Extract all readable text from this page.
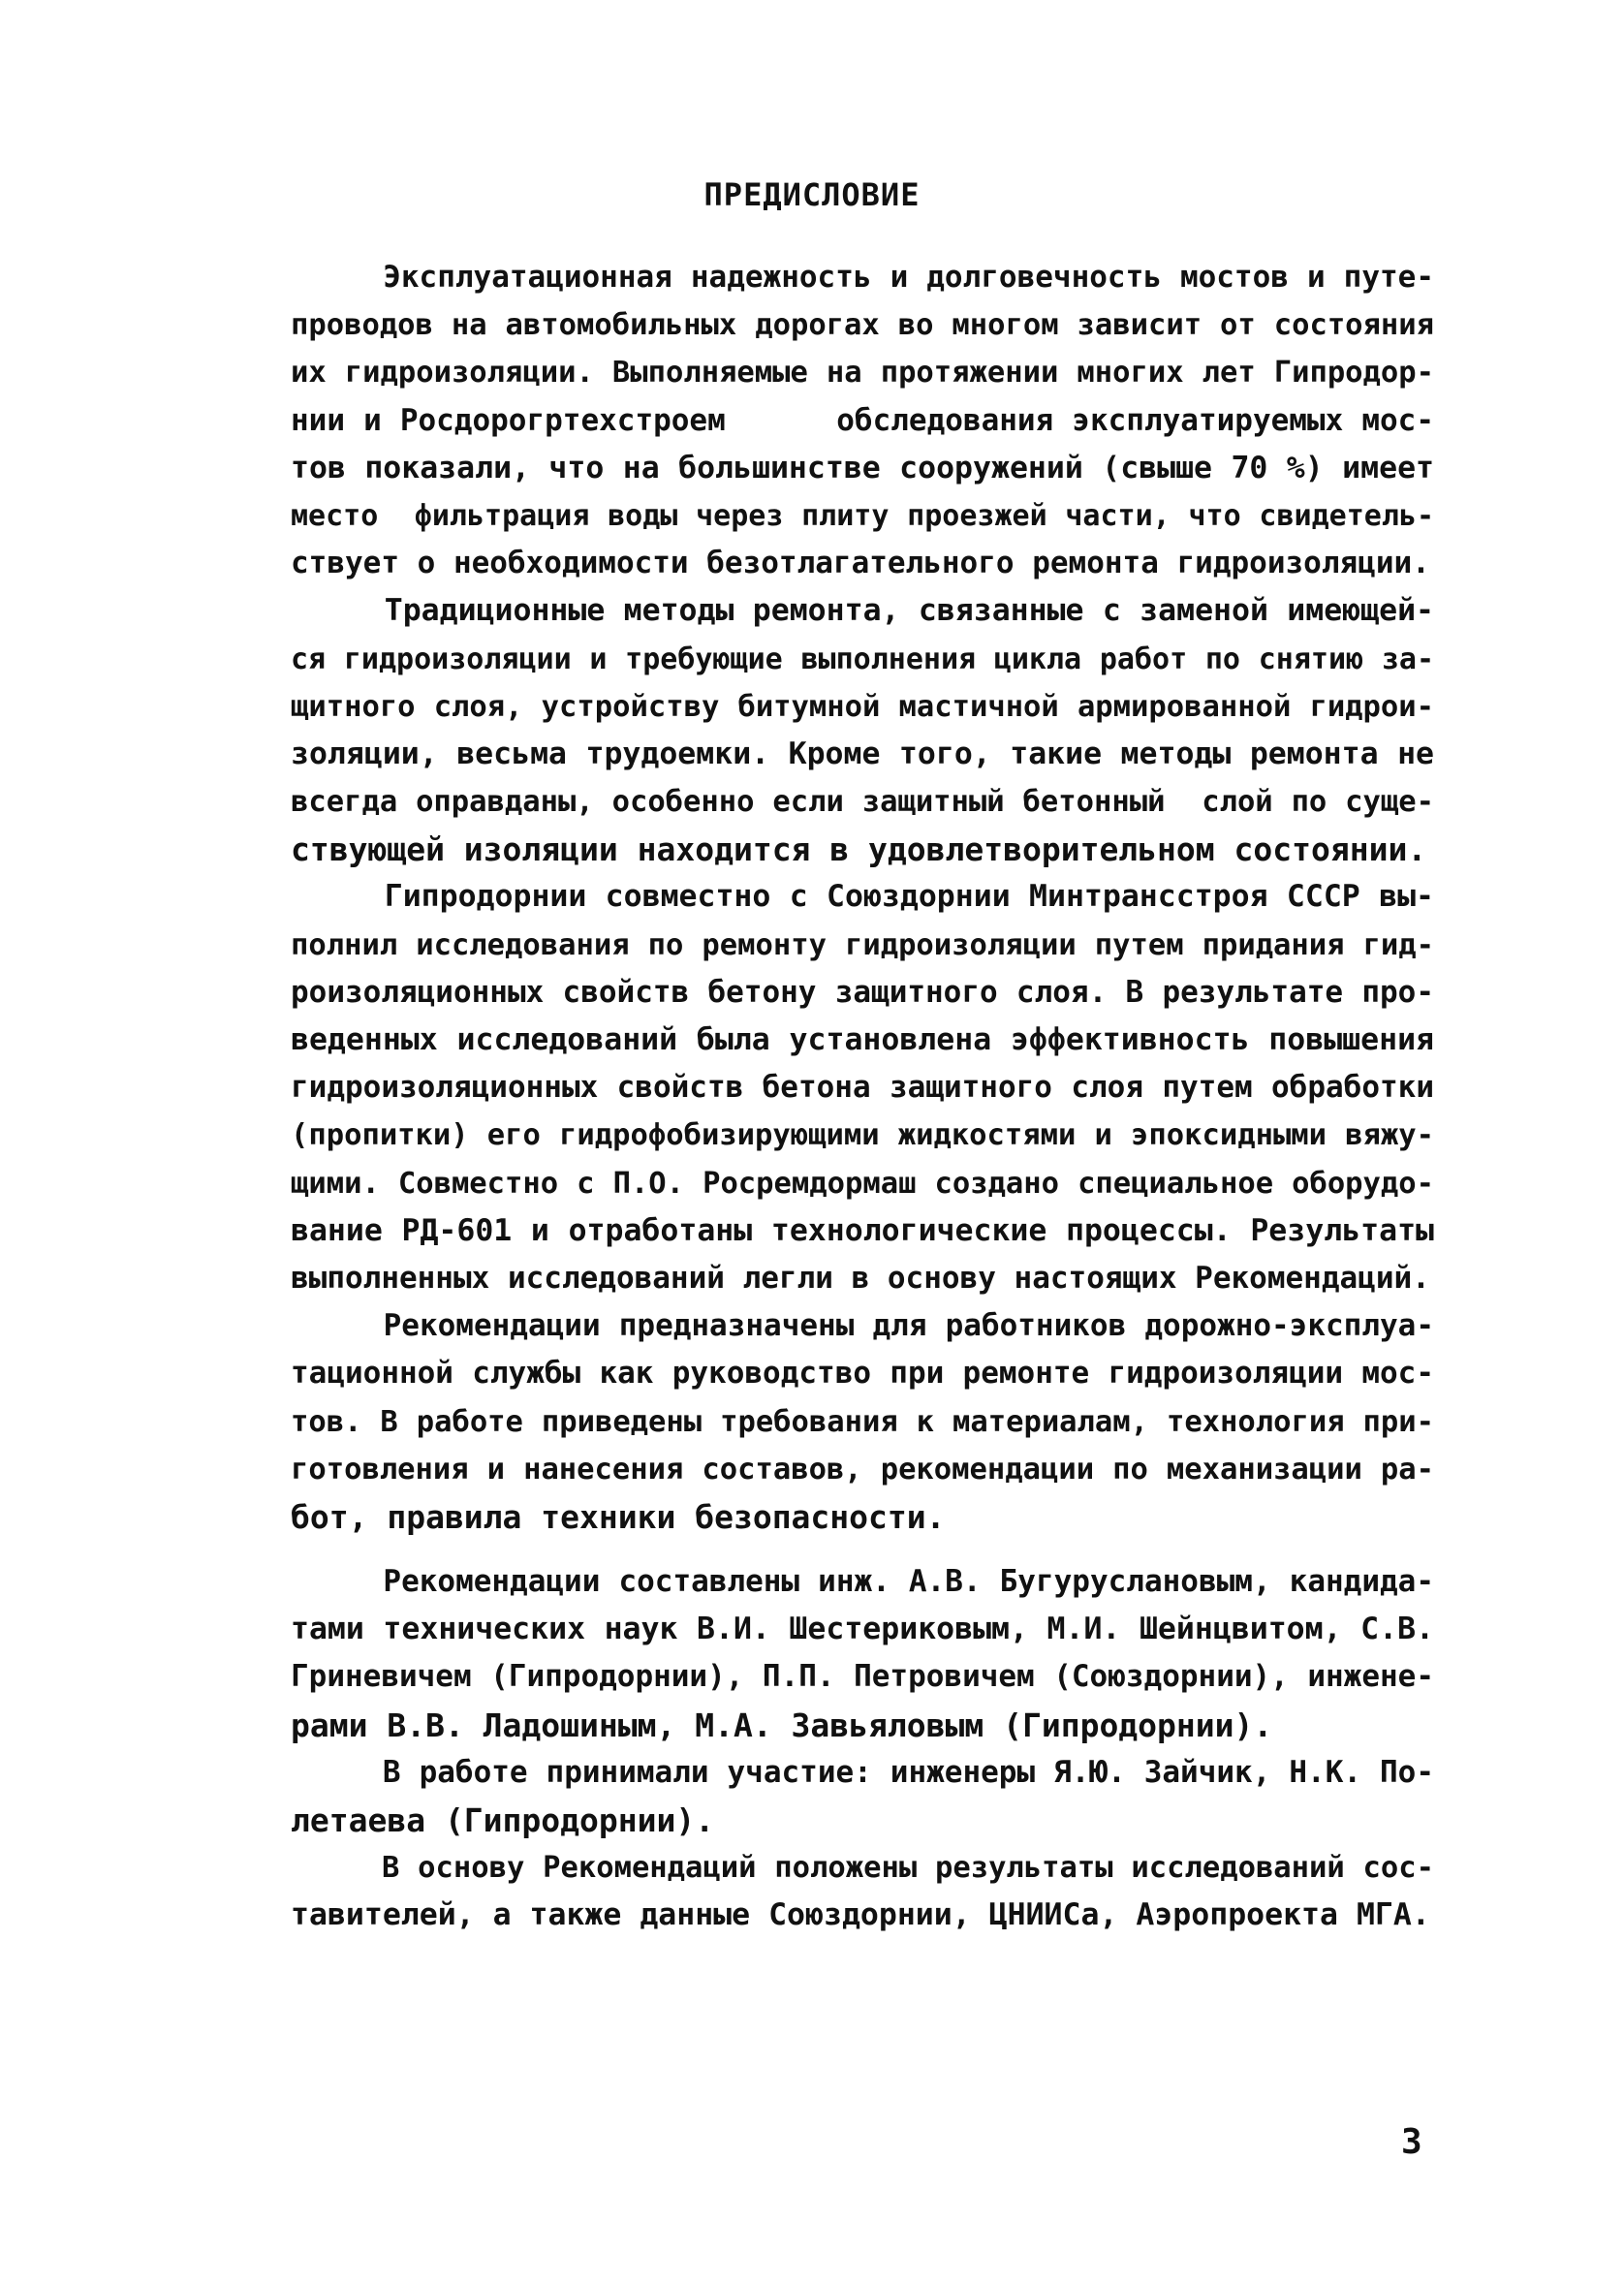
ПРЕДИСЛОВИЕ
Эксплуатационная надежность и долговечность мостов и путе-
проводов на автомобильных дорогах во многом зависит от состояния
их гидроизоляции. Выполняемые на протяжении многих лет Гипродор-
нии и Росдорогртехстроем      обследования эксплуатируемых мос-
тов показали, что на большинстве сооружений (свыше 70 %) имеет
место  фильтрация воды через плиту проезжей части, что свидетель-
ствует о необходимости безотлагательного ремонта гидроизоляции.
Традиционные методы ремонта, связанные с заменой имеющей-
ся гидроизоляции и требующие выполнения цикла работ по снятию за-
щитного слоя, устройству битумной мастичной армированной гидрои-
золяции, весьма трудоемки. Кроме того, такие методы ремонта не
всегда оправданы, особенно если защитный бетонный  слой по суще-
ствующей изоляции находится в удовлетворительном состоянии.
Гипродорнии совместно с Союздорнии Минтрансстроя СССР вы-
полнил исследования по ремонту гидроизоляции путем придания гид-
роизоляционных свойств бетону защитного слоя. В результате про-
веденных исследований была установлена эффективность повышения
гидроизоляционных свойств бетона защитного слоя путем обработки
(пропитки) его гидрофобизирующими жидкостями и эпоксидными вяжу-
щими. Совместно с П.О. Росремдормаш создано специальное оборудо-
вание РД-601 и отработаны технологические процессы. Результаты
выполненных исследований легли в основу настоящих Рекомендаций.
Рекомендации предназначены для работников дорожно-эксплуа-
тационной службы как руководство при ремонте гидроизоляции мос-
тов. В работе приведены требования к материалам, технология при-
готовления и нанесения составов, рекомендации по механизации ра-
бот, правила техники безопасности.
Рекомендации составлены инж. А.В. Бугуруслановым, кандида-
тами технических наук В.И. Шестериковым, М.И. Шейнцвитом, С.В.
Гриневичем (Гипродорнии), П.П. Петровичем (Союздорнии), инжене-
рами В.В. Ладошиным, М.А. Завьяловым (Гипродорнии).
В работе принимали участие: инженеры Я.Ю. Зайчик, Н.К. По-
летаева (Гипродорнии).
В основу Рекомендаций положены результаты исследований сос-
тавителей, а также данные Союздорнии, ЦНИИСа, Аэропроекта МГА.
3
